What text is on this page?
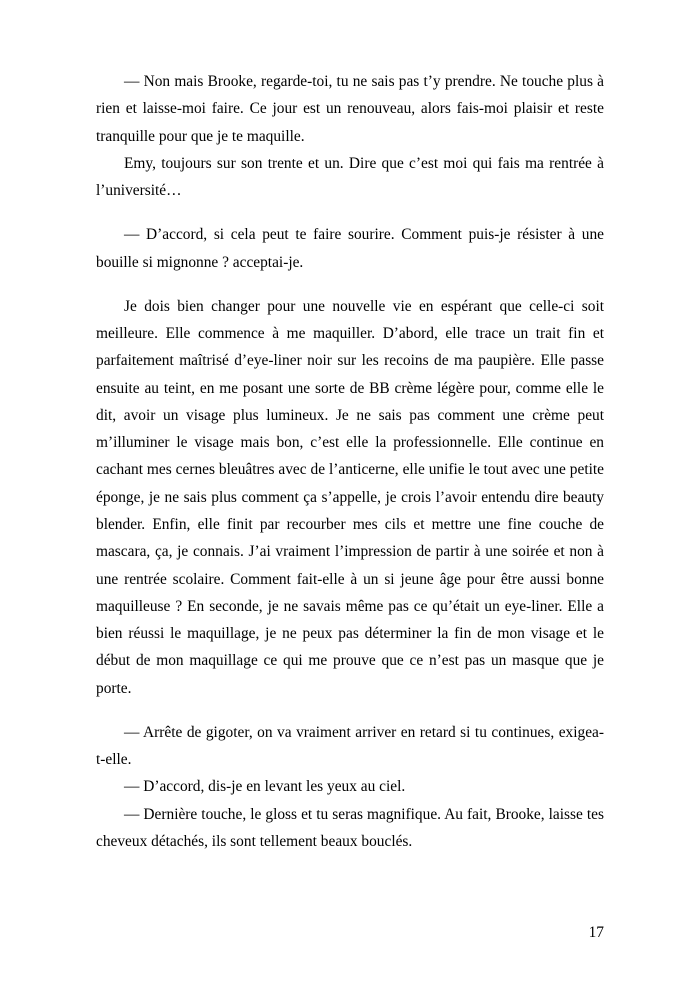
— Non mais Brooke, regarde-toi, tu ne sais pas t’y prendre. Ne touche plus à rien et laisse-moi faire. Ce jour est un renouveau, alors fais-moi plaisir et reste tranquille pour que je te maquille.

Emy, toujours sur son trente et un. Dire que c’est moi qui fais ma rentrée à l’université…

— D’accord, si cela peut te faire sourire. Comment puis-je résister à une bouille si mignonne ? acceptai-je.

Je dois bien changer pour une nouvelle vie en espérant que celle-ci soit meilleure. Elle commence à me maquiller. D’abord, elle trace un trait fin et parfaitement maîtrisé d’eye-liner noir sur les recoins de ma paupière. Elle passe ensuite au teint, en me posant une sorte de BB crème légère pour, comme elle le dit, avoir un visage plus lumineux. Je ne sais pas comment une crème peut m’illuminer le visage mais bon, c’est elle la professionnelle. Elle continue en cachant mes cernes bleuâtres avec de l’anticerne, elle unifie le tout avec une petite éponge, je ne sais plus comment ça s’appelle, je crois l’avoir entendu dire beauty blender. Enfin, elle finit par recourber mes cils et mettre une fine couche de mascara, ça, je connais. J’ai vraiment l’impression de partir à une soirée et non à une rentrée scolaire. Comment fait-elle à un si jeune âge pour être aussi bonne maquilleuse ? En seconde, je ne savais même pas ce qu’était un eye-liner. Elle a bien réussi le maquillage, je ne peux pas déterminer la fin de mon visage et le début de mon maquillage ce qui me prouve que ce n’est pas un masque que je porte.

— Arrête de gigoter, on va vraiment arriver en retard si tu continues, exigea-t-elle.

— D’accord, dis-je en levant les yeux au ciel.

— Dernière touche, le gloss et tu seras magnifique. Au fait, Brooke, laisse tes cheveux détachés, ils sont tellement beaux bouclés.

17
